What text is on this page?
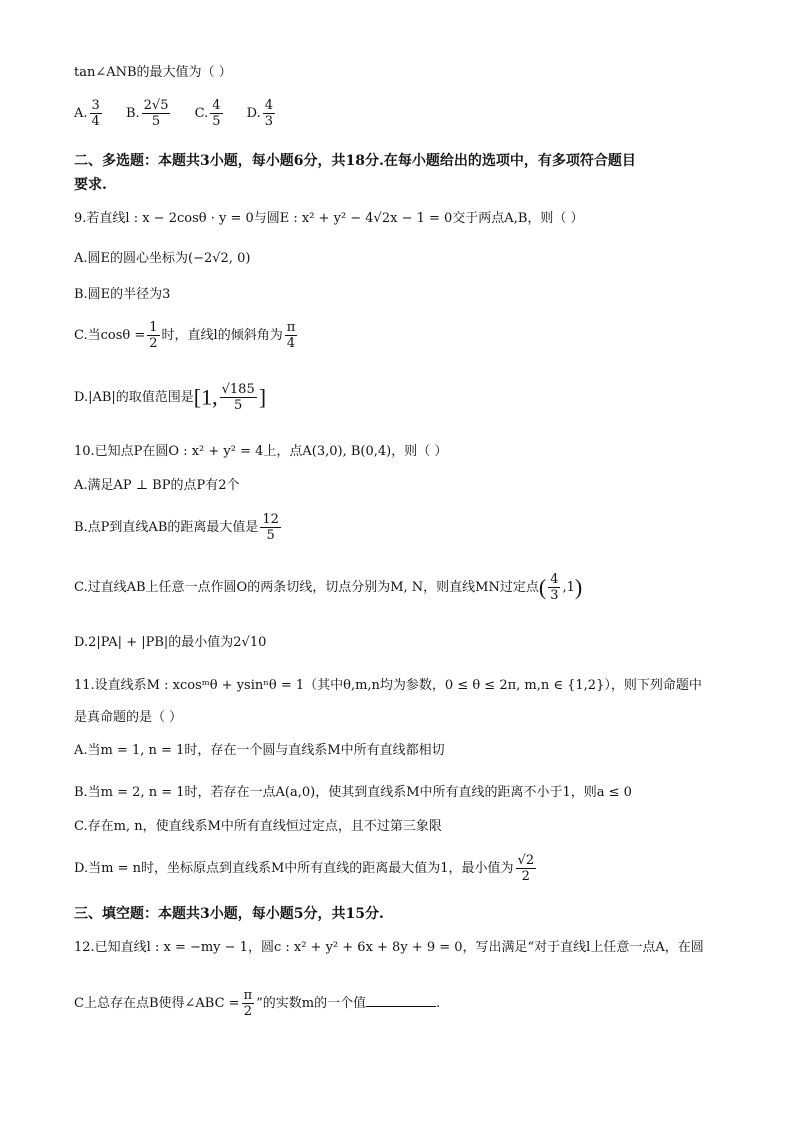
tan∠ANB的最大值为（ ）
A. $\frac{3}{4} B$. $\frac{2√5}{5} C$. $\frac{4}{5} D$. $\frac{4}{3}$
二、多选题：本题共3小题，每小题6分，共18分.在每小题给出的选项中，有多项符合题目
要求.
9.若直线l : x − 2cosθ · y = 0与圆E : x² + y² − 4√2x − 1 = 0交于两点A,B，则（ ）
A.圆E的圆心坐标为(−2√2, 0)
B.圆E的半径为3
C.当$\cos\theta = \frac{1}{2}$ 时，直线l的倾斜角为 $\frac{\pi}{4}$
D.|AB|的取值范围是[1, $\frac{√185}{5}$ ]
10.已知点P在圆O : x² + y² = 4上，点A(3,0), B(0,4)，则（ ）
A.满足AP ⊥ BP的点P有2个
B.点P到直线AB的距离最大值是 $\frac{12}{5}$
C.过直线AB上任意一点作圆O的两条切线，切点分别为M, N，则直线MN过定点( $\frac{4}{3} ,1$)
D.2|PA| + |PB|的最小值为2√10
11.设直线系M : xcosᵐθ + ysinⁿθ = 1（其中θ,m,n均为参数，0 ≤ θ ≤ 2π, m,n ∈ {1,2}），则下列命题中
是真命题的是（ ）
A.当m = 1, n = 1时，存在一个圆与直线系M中所有直线都相切
B.当m = 2, n = 1时，若存在一点A(a,0)，使其到直线系M中所有直线的距离不小于1，则a ≤ 0
C.存在m, n，使直线系M中所有直线恒过定点，且不过第三象限
D.当m = n时，坐标原点到直线系M中所有直线的距离最大值为1，最小值为 $\frac{√2}{2}$
三、填空题：本题共3小题，每小题5分，共15分.
12.已知直线l : x = −my − 1，圆c : x² + y² + 6x + 8y + 9 = 0，写出满足“对于直线l上任意一点A，在圆
C上总存在点B使得∠ABC = $\frac{\pi}{2}$ ”的实数m的一个值	.
